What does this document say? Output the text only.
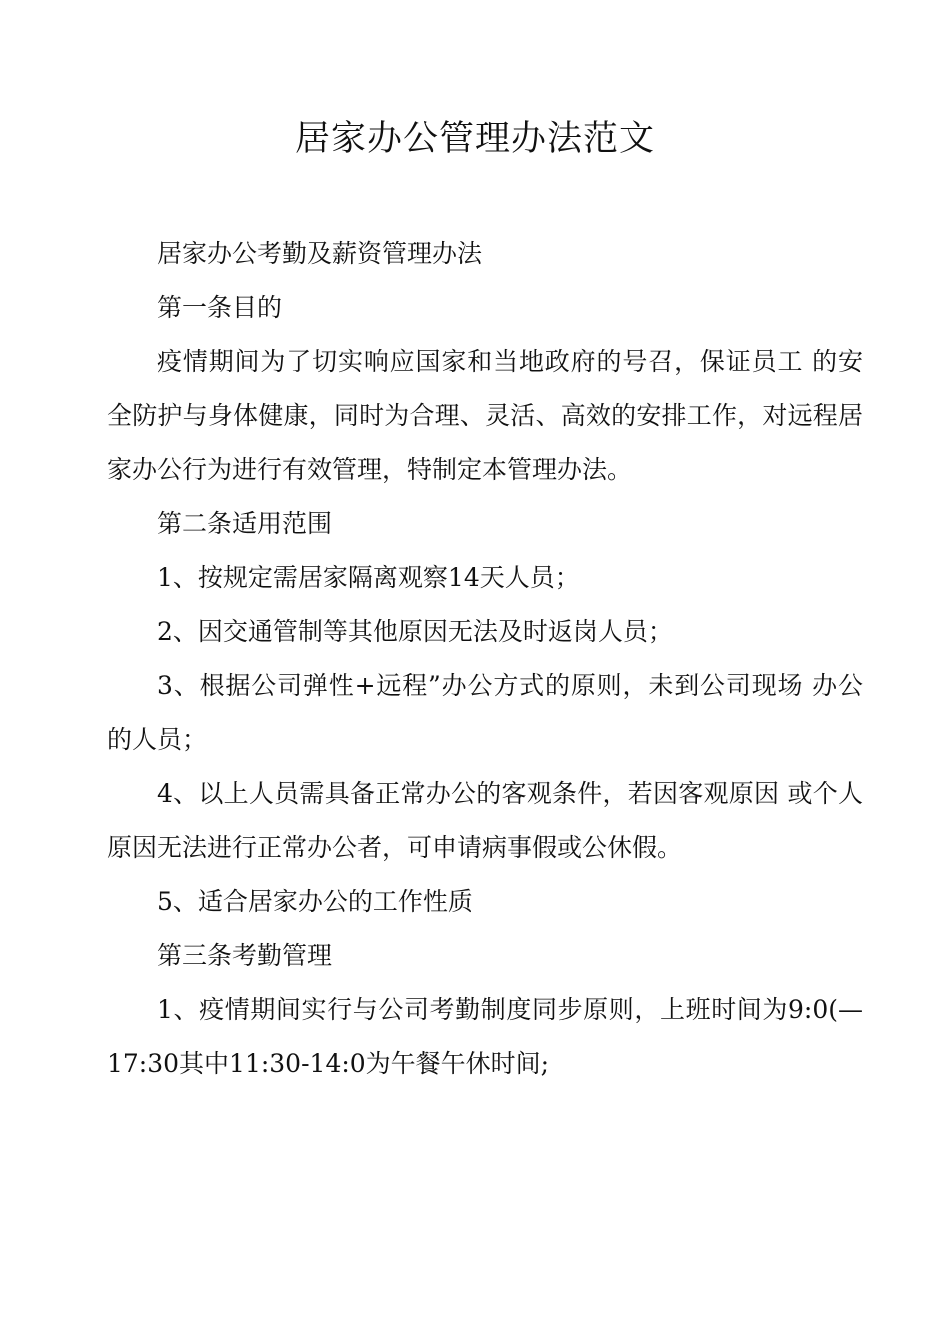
居家办公管理办法范文

居家办公考勤及薪资管理办法

第一条目的

疫情期间为了切实响应国家和当地政府的号召，保证员工 的安全防护与身体健康，同时为合理、灵活、高效的安排工作，对远程居家办公行为进行有效管理，特制定本管理办法。

第二条适用范围

1、按规定需居家隔离观察14天人员；

2、因交通管制等其他原因无法及时返岗人员；

3、根据公司弹性+远程”办公方式的原则，未到公司现场 办公的人员；

4、以上人员需具备正常办公的客观条件，若因客观原因 或个人原因无法进行正常办公者，可申请病事假或公休假。

5、适合居家办公的工作性质

第三条考勤管理

1、疫情期间实行与公司考勤制度同步原则，上班时间为9:0(—17:30其中11:30-14:0为午餐午休时间;
